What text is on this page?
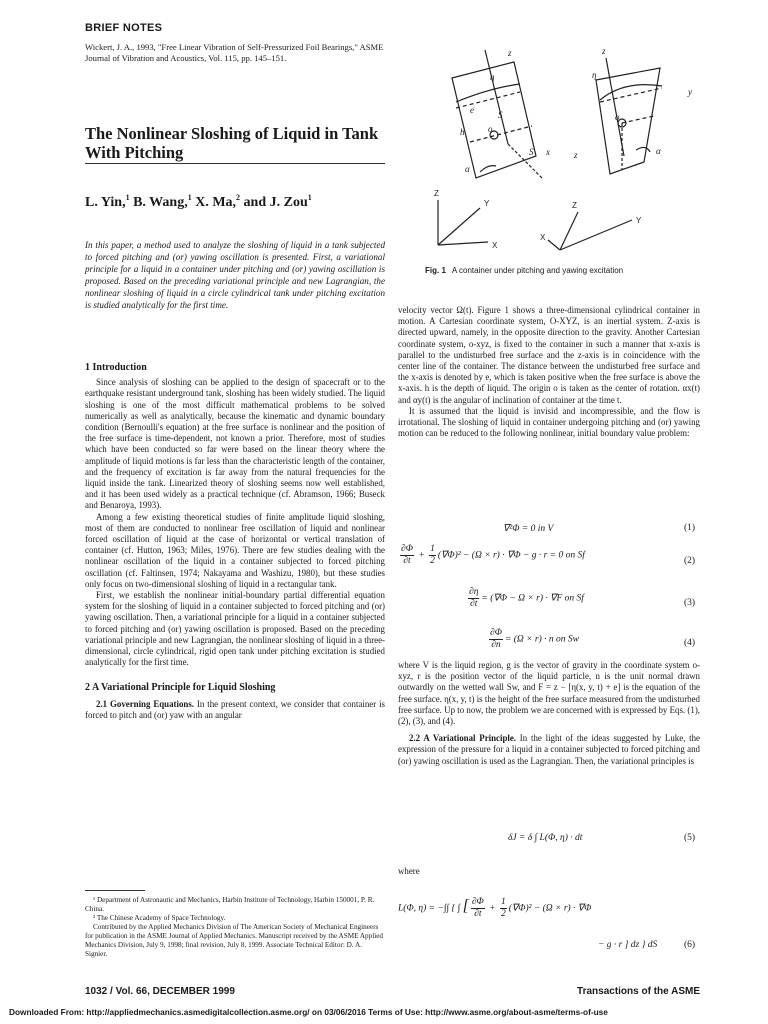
BRIEF NOTES
Wickert, J. A., 1993, "Free Linear Vibration of Self-Pressurized Foil Bearings," ASME Journal of Vibration and Acoustics, Vol. 115, pp. 145–151.
The Nonlinear Sloshing of Liquid in Tank With Pitching
L. Yin,$^1$ B. Wang,$^1$ X. Ma,$^2$ and J. Zou$^1$
In this paper, a method used to analyze the sloshing of liquid in a tank subjected to forced pitching and (or) yawing oscillation is presented. First, a variational principle for a liquid in a container under pitching and (or) yawing oscillation is proposed. Based on the preceding variational principle and new Lagrangian, the nonlinear sloshing of liquid in a circle cylindrical tank under pitching excitation is studied analytically for the first time.
1 Introduction

Since analysis of sloshing can be applied to the design of spacecraft or to the earthquake resistant underground tank, sloshing has been widely studied. The liquid sloshing is one of the most difficult mathematical problems to be solved numerically as well as analytically, because the kinematic and dynamic boundary condition (Bernoulli's equation) at the free surface is nonlinear and the position of the free surface is time-dependent, not known a prior. Therefore, most of studies which have been conducted so far were based on the linear theory where the amplitude of liquid motions is far less than the characteristic length of the container, and the frequency of excitation is far away from the natural frequencies for the liquid inside the tank. Linearized theory of sloshing seems now well established, and it has been used widely as a practical technique (cf. Abramson, 1966; Buseck and Benaroya, 1993).

Among a few existing theoretical studies of finite amplitude liquid sloshing, most of them are conducted to nonlinear free oscillation of liquid and nonlinear forced oscillation of liquid at the case of horizontal or vertical translation of container (cf. Hutton, 1963; Miles, 1976). There are few studies dealing with the nonlinear oscillation of the liquid in a container subjected to forced pitching oscillation (cf. Faltinsen, 1974; Nakayama and Washizu, 1980), but these studies only focus on two-dimensional sloshing of liquid in a rectangular tank.

First, we establish the nonlinear initial-boundary partial differential equation system for the sloshing of liquid in a container subjected to forced pitching and (or) yawing oscillation. Then, a variational principle for a liquid in a container subjected to forced pitching and (or) yawing oscillation is proposed. Based on the preceding variational principle and new Lagrangian, the nonlinear sloshing of liquid in a three-dimensional, circle cylindrical, rigid open tank under pitching excitation is studied analytically for the first time.

2 A Variational Principle for Liquid Sloshing

2.1 Governing Equations. In the present context, we consider that container is forced to pitch and (or) yaw with an angular

¹ Department of Astronautic and Mechanics, Harbin Institute of Technology, Harbin 150001, P. R. China.

² The Chinese Academy of Space Technology.

Contributed by the Applied Mechanics Division of The American Society of Mechanical Engineers for publication in the ASME Journal of Applied Mechanics. Manuscript received by the ASME Applied Mechanics Division, July 9, 1998; final revision, July 8, 1999. Associate Technical Editor: D. A. Signier.

z
η
S
e
h
x
S
α
z
η
y
z	α
o
o
Z
Y
X
Z
Y
X
Fig. 1 A container under pitching and yawing excitation

velocity vector Ω(t). Figure 1 shows a three-dimensional cylindrical container in motion. A Cartesian coordinate system, O-XYZ, is an inertial system. Z-axis is directed upward, namely, in the opposite direction to the gravity. Another Cartesian coordinate system, o-xyz, is fixed to the container in such a manner that x-axis is parallel to the undisturbed free surface and the z-axis is in coincidence with the center line of the container. The distance between the undisturbed free surface and the x-axis is denoted by e, which is taken positive when the free surface is above the x-axis. h is the depth of liquid. The origin o is taken as the center of rotation. αx(t) and αy(t) is the angular of inclination of container at the time t.

It is assumed that the liquid is invisid and incompressible, and the flow is irrotational. The sloshing of liquid in container undergoing pitching and (or) yawing motion can be reduced to the following nonlinear, initial boundary value problem:

∇²Φ = 0 in V	(1)
$\frac{\partial\Phi}{\partial t} + \frac{1}{2} (\nabla\Phi)^2 - (\Omega \times r) \cdot \nabla\Phi - g \cdot r = 0$ on Sf
(2)
$\frac{\partial\eta}{\partial t} = (\nabla\Phi - \Omega \times r) \cdot \nabla F$ on Sf	(3)
$\frac{\partial\Phi}{\partial n} = (\Omega \times r) \cdot n$ on Sw	(4)

where V is the liquid region, g is the vector of gravity in the coordinate system o-xyz, r is the position vector of the liquid particle, n is the unit normal drawn outwardly on the wetted wall Sw, and F = z − [η(x, y, t) + e] is the equation of the free surface. η(x, y, t) is the height of the free surface measured from the undisturbed free surface. Up to now, the problem we are concerned with is expressed by Eqs. (1), (2), (3), and (4).

2.2 A Variational Principle. In the light of the ideas suggested by Luke, the expression of the pressure for a liquid in a container subjected to forced pitching and (or) yawing oscillation is used as the Lagrangian. Then, the variational principles is

δJ = δ ∫ L(Φ, η) · dt	(5)
where
L(Φ, η) = −∫∫ { ∫ [ $\frac{\partial\Phi}{\partial t} + \frac{1}{2} (\nabla\Phi)^2 - (\Omega \times r) \cdot \nabla\Phi$
− g · r ] dz } dS	(6)
1032 / Vol. 66, DECEMBER 1999	Transactions of the ASME
Downloaded From: http://appliedmechanics.asmedigitalcollection.asme.org/ on 03/06/2016 Terms of Use: http://www.asme.org/about-asme/terms-of-use
